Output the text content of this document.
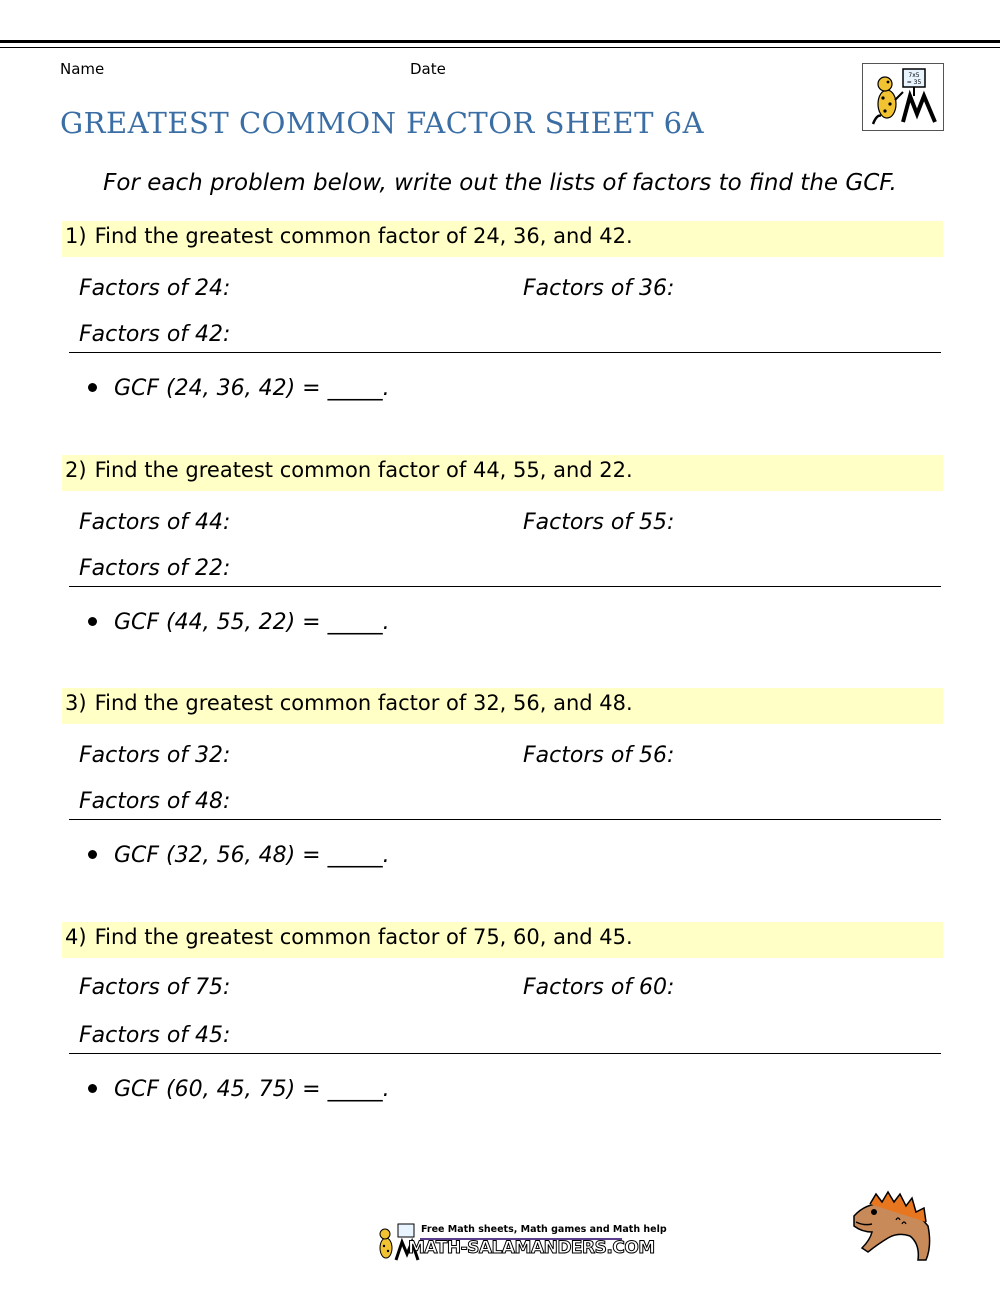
Name	Date	7x5
= 35
GREATEST COMMON FACTOR SHEET 6A
For each problem below, write out the lists of factors to find the GCF.
1) Find the greatest common factor of 24, 36, and 42.
Factors of 24:	Factors of 36:
Factors of 42:
GCF (24, 36, 42) = _____.
2) Find the greatest common factor of 44, 55, and 22.
Factors of 44:	Factors of 55:
Factors of 22:
GCF (44, 55, 22) = _____.
3) Find the greatest common factor of 32, 56, and 48.
Factors of 32:	Factors of 56:
Factors of 48:
GCF (32, 56, 48) = _____.
4) Find the greatest common factor of 75, 60, and 45.
Factors of 75:	Factors of 60:
Factors of 45:
GCF (60, 45, 75) = _____.
Free Math sheets, Math games and Math help
MATH-SALAMANDERS.COM
